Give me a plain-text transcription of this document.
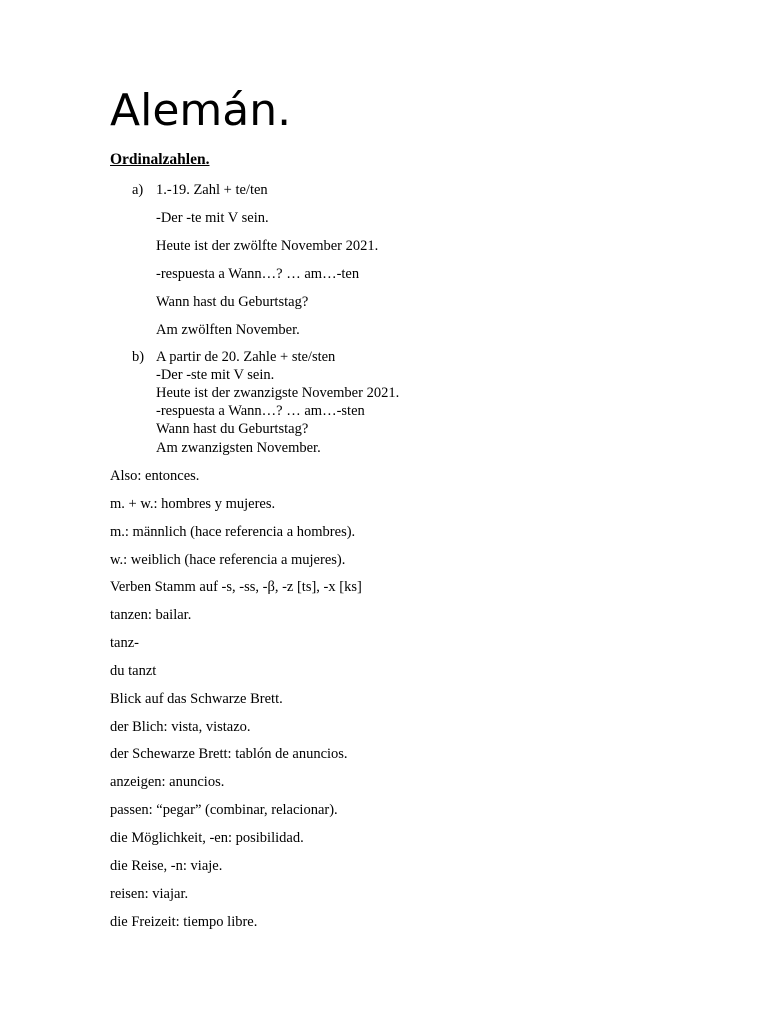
Alemán.
Ordinalzahlen.
a) 1.-19. Zahl + te/ten
-Der -te mit V sein.
Heute ist der zwölfte November 2021.
-respuesta a Wann…? … am…-ten
Wann hast du Geburtstag?
Am zwölften November.
b) A partir de 20. Zahle + ste/sten
-Der -ste mit V sein.
Heute ist der zwanzigste November 2021.
-respuesta a Wann…? … am…-sten
Wann hast du Geburtstag?
Am zwanzigsten November.
Also: entonces.
m. + w.: hombres y mujeres.
m.: männlich (hace referencia a hombres).
w.: weiblich (hace referencia a mujeres).
Verben Stamm auf -s, -ss, -β, -z [ts], -x [ks]
tanzen: bailar.
tanz-
du tanzt
Blick auf das Schwarze Brett.
der Blich: vista, vistazo.
der Schewarze Brett: tablón de anuncios.
anzeigen: anuncios.
passen: “pegar” (combinar, relacionar).
die Möglichkeit, -en: posibilidad.
die Reise, -n: viaje.
reisen: viajar.
die Freizeit: tiempo libre.
